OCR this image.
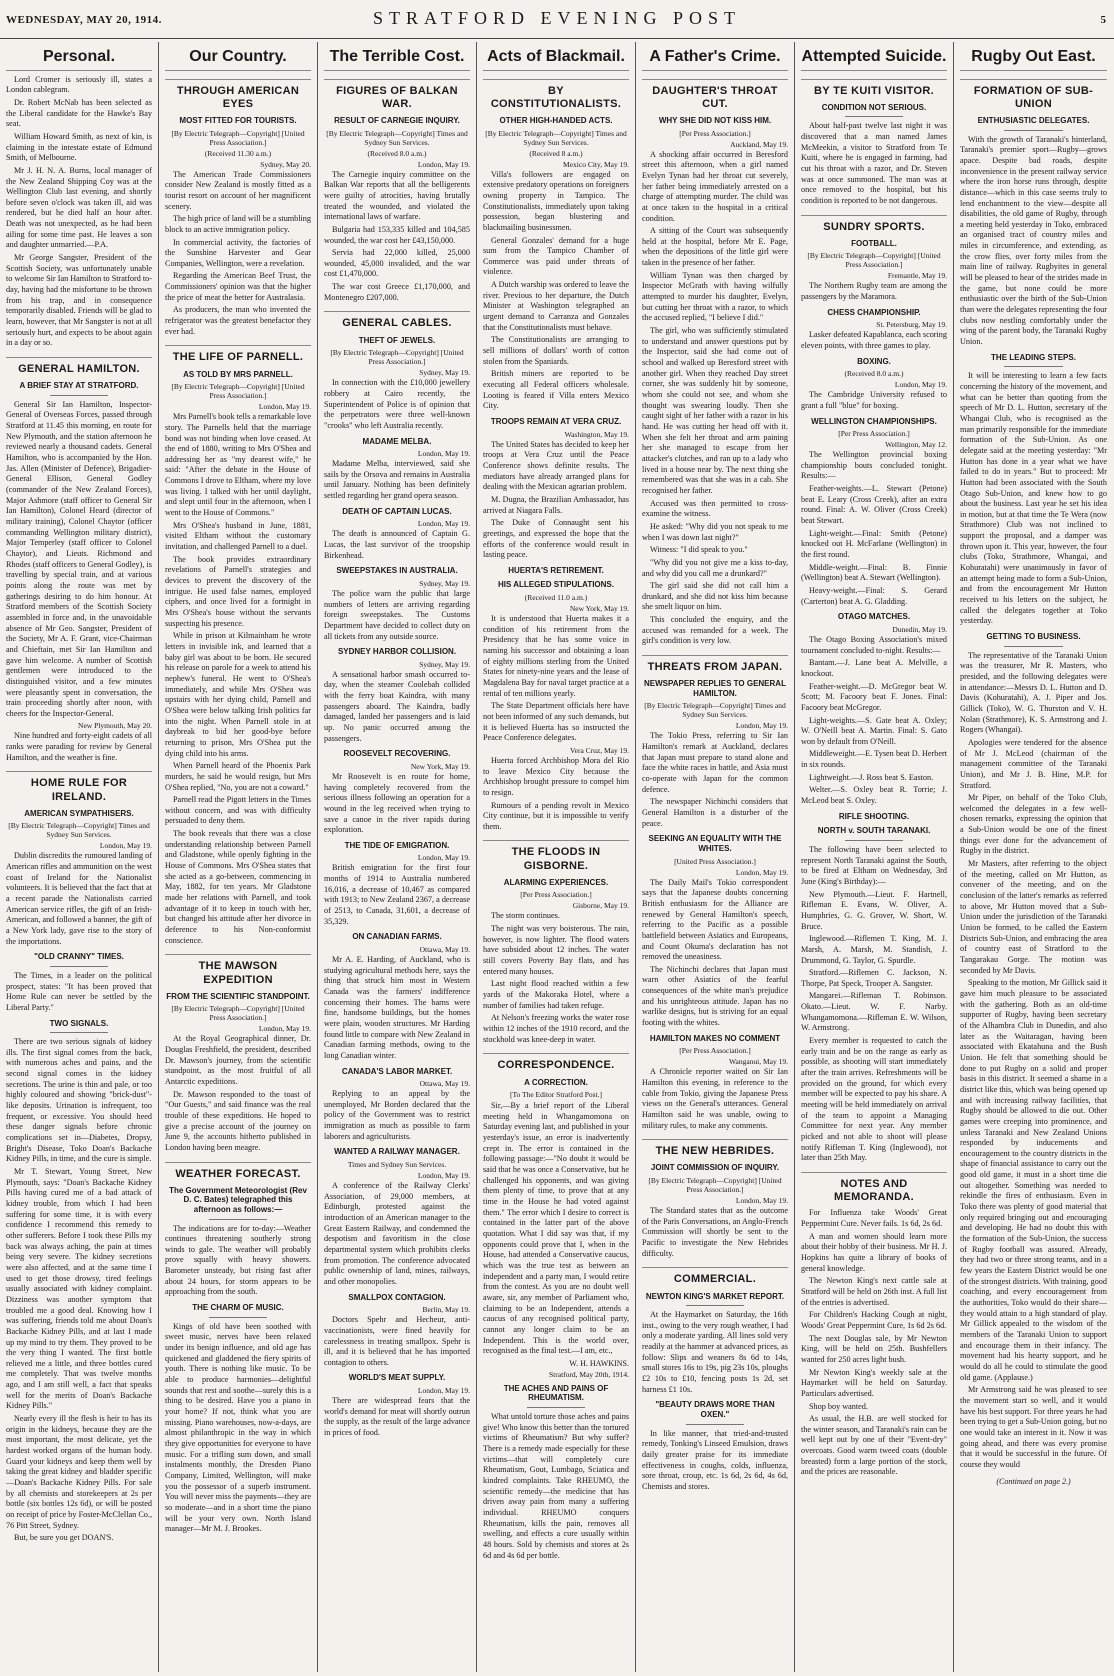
WEDNESDAY, MAY 20, 1914.	STRATFORD EVENING POST	5
Personal.

Lord Cromer is seriously ill, states a London cablegram.

Dr. Robert McNab has been selected as the Liberal candidate for the Hawke's Bay seat.

William Howard Smith, as next of kin, is claiming in the intestate estate of Edmund Smith, of Melbourne.

Mr J. H. N. A. Burns, local manager of the New Zealand Shipping Coy was at the Wellington Club last evening, and shortly before seven o'clock was taken ill, aid was rendered, but he died half an hour after. Death was not unexpected, as he had been ailing for some time past. He leaves a son and daughter unmarried.—P.A.

Mr George Sangster, President of the Scottish Society, was unfortunately unable to welcome Sir Ian Hamilton to Stratford to-day, having had the misfortune to be thrown from his trap, and in consequence temporarily disabled. Friends will be glad to learn, however, that Mr Sangster is not at all seriously hurt, and expects to be about again in a day or so.

GENERAL HAMILTON.
A BRIEF STAY AT STRATFORD.

General Sir Ian Hamilton, Inspector-General of Overseas Forces, passed through Stratford at 11.45 this morning, en route for New Plymouth, and the station afternoon he reviewed nearly a thousand cadets. General Hamilton, who is accompanied by the Hon. Jas. Allen (Minister of Defence), Brigadier-General Ellison, General Godley (commander of the New Zealand Forces), Major Ashmore (staff officer to General Sir Ian Hamilton), Colonel Heard (director of military training), Colonel Chaytor (officer commanding Wellington military district), Major Temperley (staff officer to Colonel Chaytor), and Lieuts. Richmond and Rhodes (staff officers to General Godley), is travelling by special train, and at various points along the route was met by gatherings desiring to do him honour. At Stratford members of the Scottish Society assembled in force and, in the unavoidable absence of Mr Geo. Sangster, President of the Society, Mr A. F. Grant, vice-Chairman and Chieftain, met Sir Ian Hamilton and gave him welcome. A number of Scottish gentlemen were introduced to the distinguished visitor, and a few minutes were pleasantly spent in conversation, the train proceeding shortly after noon, with cheers for the Inspector-General.

New Plymouth, May 20.

Nine hundred and forty-eight cadets of all ranks were parading for review by General Hamilton, and the weather is fine.

HOME RULE FOR IRELAND.
AMERICAN SYMPATHISERS.
[By Electric Telegraph—Copyright] Times and Sydney Sun Services.
London, May 19.

Dublin discredits the rumoured landing of American rifles and ammunition on the west coast of Ireland for the Nationalist volunteers. It is believed that the fact that at a recent parade the Nationalists carried American service rifles, the gift of an Irish-American, and followed a banner, the gift of a New York lady, gave rise to the story of the importations.

"OLD CRANNY" TIMES.

The Times, in a leader on the political prospect, states: "It has been proved that Home Rule can never be settled by the Liberal Party."

TWO SIGNALS.

There are two serious signals of kidney ills. The first signal comes from the back, with numerous aches and pains, and the second signal comes in the kidney secretions. The urine is thin and pale, or too highly coloured and showing "brick-dust"-like deposits. Urination is infrequent, too frequent, or excessive. You should heed these danger signals before chronic complications set in—Diabetes, Dropsy, Bright's Disease, Toko Doan's Backache Kidney Pills, in time, and the cure is simple.

Mr T. Stewart, Young Street, New Plymouth, says: "Doan's Backache Kidney Pills having cured me of a bad attack of kidney trouble, from which I had been suffering for some time, it is with every confidence I recommend this remedy to other sufferers. Before I took these Pills my back was always aching, the pain at times being very severe. The kidney secretions were also affected, and at the same time I used to get those drowsy, tired feelings usually associated with kidney complaint. Dizziness was another symptom that troubled me a good deal. Knowing how I was suffering, friends told me about Doan's Backache Kidney Pills, and at last I made up my mind to try them. They proved to be the very thing I wanted. The first bottle relieved me a little, and three bottles cured me completely. That was twelve months ago, and I am still well, a fact that speaks well for the merits of Doan's Backache Kidney Pills."

Nearly every ill the flesh is heir to has its origin in the kidneys, because they are the most important, the most delicate, yet the hardest worked organs of the human body. Guard your kidneys and keep them well by taking the great kidney and bladder specific—Doan's Backache Kidney Pills. For sale by all chemists and storekeepers at 2s per bottle (six bottles 12s 6d), or will be posted on receipt of price by Foster-McClellan Co., 76 Pitt Street, Sydney.

But, be sure you get DOAN'S.

Our Country.
THROUGH AMERICAN EYES
MOST FITTED FOR TOURISTS.
[By Electric Telegraph—Copyright] [United Press Association.]
(Received 11.30 a.m.)
Sydney, May 20.

The American Trade Commissioners consider New Zealand is mostly fitted as a tourist resort on account of her magnificent scenery.

The high price of land will be a stumbling block to an active immigration policy.

In commercial activity, the factories of the Sunshine Harvester and Gear Companies, Wellington, were a revelation.

Regarding the American Beef Trust, the Commissioners' opinion was that the higher the price of meat the better for Australasia.

As producers, the man who invented the refrigerator was the greatest benefactor they ever had.

THE LIFE OF PARNELL.
AS TOLD BY MRS PARNELL.
[By Electric Telegraph—Copyright] [United Press Association.]
London, May 19.

Mrs Parnell's book tells a remarkable love story. The Parnells held that the marriage bond was not binding when love ceased. At the end of 1880, writing to Mrs O'Shea and addressing her as "my dearest wife," he said: "After the debate in the House of Commons I drove to Eltham, where my love was living. I talked with her until daylight, and slept until four in the afternoon, when I went to the House of Commons."

Mrs O'Shea's husband in June, 1881, visited Eltham without the customary invitation, and challenged Parnell to a duel.

The book provides extraordinary revelations of Parnell's strategies and devices to prevent the discovery of the intrigue. He used false names, employed ciphers, and once lived for a fortnight in Mrs O'Shea's house without the servants suspecting his presence.

While in prison at Kilmainham he wrote letters in invisible ink, and learned that a baby girl was about to be born. He secured his release on parole for a week to attend his nephew's funeral. He went to O'Shea's immediately, and while Mrs O'Shea was upstairs with her dying child, Parnell and O'Shea were below talking Irish politics far into the night. When Parnell stole in at daybreak to bid her good-bye before returning to prison, Mrs O'Shea put the dying child into his arms.

When Parnell heard of the Phoenix Park murders, he said he would resign, but Mrs O'Shea replied, "No, you are not a coward."

Parnell read the Pigott letters in the Times without concern, and was with difficulty persuaded to deny them.

The book reveals that there was a close understanding relationship between Parnell and Gladstone, while openly fighting in the House of Commons. Mrs O'Shea states that she acted as a go-between, commencing in May, 1882, for ten years. Mr Gladstone made her relations with Parnell, and took advantage of it to keep in touch with her, but changed his attitude after her divorce in deference to his Non-conformist conscience.

THE MAWSON EXPEDITION
FROM THE SCIENTIFIC STANDPOINT.
[By Electric Telegraph—Copyright] [United Press Association.]
London, May 19.

At the Royal Geographical dinner, Dr. Douglas Freshfield, the president, described Dr. Mawson's journey, from the scientific standpoint, as the most fruitful of all Antarctic expeditions.

Dr. Mawson responded to the toast of "Our Guests," and said finance was the real trouble of these expeditions. He hoped to give a precise account of the journey on June 9, the accounts hitherto published in London having been meagre.

WEATHER FORECAST.
The Government Meteorologist (Rev D. C. Bates) telegraphed this afternoon as follows:—

The indications are for to-day:—Weather continues threatening southerly strong winds to gale. The weather will probably prove squally with heavy showers. Barometer unsteady, but rising fast after about 24 hours, for storm appears to be approaching from the south.

THE CHARM OF MUSIC.

Kings of old have been soothed with sweet music, nerves have been relaxed under its benign influence, and old age has quickened and gladdened the fiery spirits of youth. There is nothing like music. To be able to produce harmonies—delightful sounds that rest and soothe—surely this is a thing to be desired. Have you a piano in your home? If not, think what you are missing. Piano warehouses, now-a-days, are almost philanthropic in the way in which they give opportunities for everyone to have music. For a trifling sum down, and small instalments monthly, the Dresden Piano Company, Limited, Wellington, will make you the possessor of a superb instrument. You will never miss the payments—they are so moderate—and in a short time the piano will be your very own. North Island manager—Mr M. J. Brookes.

The Terrible Cost.
FIGURES OF BALKAN WAR.
RESULT OF CARNEGIE INQUIRY.
[By Electric Telegraph—Copyright] Times and Sydney Sun Services.
(Received 8.0 a.m.)
London, May 19.

The Carnegie inquiry committee on the Balkan War reports that all the belligerents were guilty of atrocities, having brutally treated the wounded, and violated the international laws of warfare.

Bulgaria had 153,335 killed and 104,585 wounded, the war cost her £43,150,000.

Servia had 22,000 killed, 25,000 wounded, 45,000 invalided, and the war cost £1,470,000.

The war cost Greece £1,170,000, and Montenegro £207,000.

GENERAL CABLES.
THEFT OF JEWELS.
[By Electric Telegraph—Copyright] [United Press Association.]
Sydney, May 19.

In connection with the £10,000 jewellery robbery at Cairo recently, the Superintendent of Police is of opinion that the perpetrators were three well-known "crooks" who left Australia recently.

MADAME MELBA.
London, May 19.

Madame Melba, interviewed, said she sails by the Orsova and remains in Australia until January. Nothing has been definitely settled regarding her grand opera season.

DEATH OF CAPTAIN LUCAS.
London, May 19.

The death is announced of Captain G. Lucas, the last survivor of the troopship Birkenhead.

SWEEPSTAKES IN AUSTRALIA.
Sydney, May 19.

The police warn the public that large numbers of letters are arriving regarding foreign sweepstakes. The Customs Department have decided to collect duty on all tickets from any outside source.

SYDNEY HARBOR COLLISION.
Sydney, May 19.

A sensational harbor smash occurred to-day, when the steamer Coolebah collided with the ferry boat Kaindra, with many passengers aboard. The Kaindra, badly damaged, landed her passengers and is laid up. No panic occurred among the passengers.

ROOSEVELT RECOVERING.
New York, May 19.

Mr Roosevelt is en route for home, having completely recovered from the serious illness following an operation for a wound in the leg received when trying to save a canoe in the river rapids during exploration.

THE TIDE OF EMIGRATION.
London, May 19.

British emigration for the first four months of 1914 to Australia numbered 16,016, a decrease of 10,467 as compared with 1913; to New Zealand 2367, a decrease of 2513, to Canada, 31,601, a decrease of 35,329.

ON CANADIAN FARMS.
Ottawa, May 19.

Mr A. E. Harding, of Auckland, who is studying agricultural methods here, says the thing that struck him most in Western Canada was the farmers' indifference concerning their homes. The barns were fine, handsome buildings, but the homes were plain, wooden structures. Mr Harding found little to compare with New Zealand in Canadian farming methods, owing to the long Canadian winter.

CANADA'S LABOR MARKET.
Ottawa, May 19.

Replying to an appeal by the unemployed, Mr Borden declared that the policy of the Government was to restrict immigration as much as possible to farm laborers and agriculturists.

WANTED A RAILWAY MANAGER.
Times and Sydney Sun Services.
London, May 19.

A conference of the Railway Clerks' Association, of 29,000 members, at Edinburgh, protested against the introduction of an American manager to the Great Eastern Railway, and condemned the despotism and favoritism in the close departmental system which prohibits clerks from promotion. The conference advocated public ownership of land, mines, railways, and other monopolies.

SMALLPOX CONTAGION.
Berlin, May 19.

Doctors Spehr and Hecheur, anti-vaccinationists, were fined heavily for carelessness in treating smallpox. Spehr is ill, and it is believed that he has imported contagion to others.

WORLD'S MEAT SUPPLY.
London, May 19.

There are widespread fears that the world's demand for meat will shortly outrun the supply, as the result of the large advance in prices of food.

Acts of Blackmail.
BY CONSTITUTIONALISTS.
OTHER HIGH-HANDED ACTS.
[By Electric Telegraph—Copyright] Times and Sydney Sun Services.
(Received 8 a.m.)
Mexico City, May 19.

Villa's followers are engaged on extensive predatory operations on foreigners owning property in Tampico. The Constitutionalists, immediately upon taking possession, began blustering and blackmailing businessmen.

General Gonzales' demand for a huge sum from the Tampico Chamber of Commerce was paid under threats of violence.

A Dutch warship was ordered to leave the river. Previous to her departure, the Dutch Minister at Washington telegraphed an urgent demand to Carranza and Gonzales that the Constitutionalists must behave.

The Constitutionalists are arranging to sell millions of dollars' worth of cotton stolen from the Spaniards.

British miners are reported to be executing all Federal officers wholesale. Looting is feared if Villa enters Mexico City.

TROOPS REMAIN AT VERA CRUZ.
Washington, May 19.

The United States has decided to keep her troops at Vera Cruz until the Peace Conference shows definite results. The mediators have already arranged plans for dealing with the Mexican agrarian problem.

M. Dugna, the Brazilian Ambassador, has arrived at Niagara Falls.

The Duke of Connaught sent his greetings, and expressed the hope that the efforts of the conference would result in lasting peace.

HUERTA'S RETIREMENT.
HIS ALLEGED STIPULATIONS.
(Received 11.0 a.m.)
New York, May 19.

It is understood that Huerta makes it a condition of his retirement from the Presidency that he has some voice in naming his successor and obtaining a loan of eighty millions sterling from the United States for ninety-nine years and the lease of Magdalena Bay for naval target practice at a rental of ten millions yearly.

The State Department officials here have not been informed of any such demands, but it is believed Huerta has so instructed the Peace Conference delegates.

Vera Cruz, May 19.

Huerta forced Archbishop Mora del Rio to leave Mexico City because the Archbishop brought pressure to compel him to resign.

Rumours of a pending revolt in Mexico City continue, but it is impossible to verify them.

THE FLOODS IN GISBORNE.
ALARMING EXPERIENCES.
[Per Press Association.]
Gisborne, May 19.

The storm continues.

The night was very boisterous. The rain, however, is now lighter. The flood waters have subsided about 12 inches. The water still covers Poverty Bay flats, and has entered many houses.

Last night flood reached within a few yards of the Makoraka Hotel, where a number of families had taken refuge.

At Nelson's freezing works the water rose within 12 inches of the 1910 record, and the stockhold was knee-deep in water.

CORRESPONDENCE.
A CORRECTION.
[To The Editor Stratford Post.]

Sir,—By a brief report of the Liberal meeting held in Whangamomona on Saturday evening last, and published in your yesterday's issue, an error is inadvertently crept in. The error is contained in the following passage:—"No doubt it would be said that he was once a Conservative, but he challenged his opponents, and was giving them plenty of time, to prove that at any time in the House he had voted against them." The error which I desire to correct is contained in the latter part of the above quotation. What I did say was that, if my opponents could prove that I, when in the House, had attended a Conservative caucus, which was the true test as between an independent and a party man, I would retire from the contest. As you are no doubt well aware, sir, any member of Parliament who, claiming to be an Independent, attends a caucus of any recognised political party, cannot any longer claim to be an Independent. This is the world over, recognised as the final test.—I am, etc.,

W. H. HAWKINS.
Stratford, May 20th, 1914.
THE ACHES AND PAINS OF RHEUMATISM.

What untold torture those aches and pains give! Who know this better than the tortured victims of Rheumatism? But why suffer? There is a remedy made especially for these victims—that will completely cure Rheumatism, Gout, Lumbago, Sciatica and kindred complaints. Take RHEUMO, the scientific remedy—the medicine that has driven away pain from many a suffering individual. RHEUMO conquers Rheumatism, kills the pain, removes all swelling, and effects a cure usually within 48 hours. Sold by chemists and stores at 2s 6d and 4s 6d per bottle.

A Father's Crime.
DAUGHTER'S THROAT CUT.
WHY SHE DID NOT KISS HIM.
[Per Press Association.]
Auckland, May 19.

A shocking affair occurred in Beresford street this afternoon, when a girl named Evelyn Tynan had her throat cut severely, her father being immediately arrested on a charge of attempting murder. The child was at once taken to the hospital in a critical condition.

A sitting of the Court was subsequently held at the hospital, before Mr E. Page, when the depositions of the little girl were taken in the presence of her father.

William Tynan was then charged by Inspector McGrath with having wilfully attempted to murder his daughter, Evelyn, but cutting her throat with a razor, to which the accused replied, "I believe I did."

The girl, who was sufficiently stimulated to understand and answer questions put by the Inspector, said she had come out of school and walked up Beresford street with another girl. When they reached Day street corner, she was suddenly hit by someone, whom she could not see, and whom she thought was swearing loudly. Then she caught sight of her father with a razor in his hand. He was cutting her head off with it. When she felt her throat and arm paining her she managed to escape from her attacker's clutches, and ran up to a lady who lived in a house near by. The next thing she remembered was that she was in a cab. She recognised her father.

Accused was then permitted to cross-examine the witness.

He asked: "Why did you not speak to me when I was down last night?"

Witness: "I did speak to you."

"Why did you not give me a kiss to-day, and why did you call me a drunkard?"

The girl said she did not call him a drunkard, and she did not kiss him because she smelt liquor on him.

This concluded the enquiry, and the accused was remanded for a week. The girl's condition is very low.

THREATS FROM JAPAN.
NEWSPAPER REPLIES TO GENERAL HAMILTON.
[By Electric Telegraph—Copyright] Times and Sydney Sun Services.
London, May 19.

The Tokio Press, referring to Sir Ian Hamilton's remark at Auckland, declares that Japan must prepare to stand alone and face the white races in battle, and Asia must co-operate with Japan for the common defence.

The newspaper Nichinchi considers that General Hamilton is a disturber of the peace.

SEEKING AN EQUALITY WITH THE WHITES.
[United Press Association.]
London, May 19.

The Daily Mail's Tokio correspondent says that the Japanese doubts concerning British enthusiasm for the Alliance are renewed by General Hamilton's speech, referring to the Pacific as a possible battlefield between Asiatics and Europeans, and Count Okuma's declaration has not removed the uneasiness.

The Nichinchi declares that Japan must warn other Asiatics of the fearful consequences of the white man's prejudice and his unrighteous attitude. Japan has no warlike designs, but is striving for an equal footing with the whites.

HAMILTON MAKES NO COMMENT
[Per Press Association.]
Wanganui, May 19.

A Chronicle reporter waited on Sir Ian Hamilton this evening, in reference to the cable from Tokio, giving the Japanese Press views on the General's utterances. General Hamilton said he was unable, owing to military rules, to make any comments.

THE NEW HEBRIDES.
JOINT COMMISSION OF INQUIRY.
[By Electric Telegraph—Copyright] [United Press Association.]
London, May 19.

The Standard states that as the outcome of the Paris Conversations, an Anglo-French Commission will shortly be sent to the Pacific to investigate the New Hebrides difficulty.

COMMERCIAL.
NEWTON KING'S MARKET REPORT.

At the Haymarket on Saturday, the 16th inst., owing to the very rough weather, I had only a moderate yarding. All lines sold very readily at the hammer at advanced prices, as follow: Slips and weaners 8s 6d to 14s, small stores 16s to 19s, pig 23s 10s, ploughs £2 10s to £10, fencing posts 1s 2d, set harness £1 10s.

"BEAUTY DRAWS MORE THAN OXEN."

In like manner, that tried-and-trusted remedy, Tonking's Linseed Emulsion, draws daily greater praise for its immediate effectiveness in coughs, colds, influenza, sore throat, croup, etc. 1s 6d, 2s 6d, 4s 6d, Chemists and stores.

Attempted Suicide.
BY TE KUITI VISITOR.
CONDITION NOT SERIOUS.

About half-past twelve last night it was discovered that a man named James McMeekin, a visitor to Stratford from Te Kuiti, where he is engaged in farming, had cut his throat with a razor, and Dr. Steven was at once summoned. The man was at once removed to the hospital, but his condition is reported to be not dangerous.

SUNDRY SPORTS.
FOOTBALL.
[By Electric Telegraph—Copyright] [United Press Association.]
Fremantle, May 19.

The Northern Rugby team are among the passengers by the Maramora.

CHESS CHAMPIONSHIP.
St. Petersburg, May 19.

Lasker defeated Kapablanca, each scoring eleven points, with three games to play.

BOXING.
(Received 8.0 a.m.)
London, May 19.

The Cambridge University refused to grant a full "blue" for boxing.

WELLINGTON CHAMPIONSHIPS.
[Per Press Association.]
Wellington, May 12.

The Wellington provincial boxing championship bouts concluded tonight. Results:—

Feather-weights.—L. Stewart (Petone) beat E. Leary (Cross Creek), after an extra round. Final: A. W. Oliver (Cross Creek) beat Stewart.

Light-weight.—Final: Smith (Petone) knocked out H. McFarlane (Wellington) in the first round.

Middle-weight.—Final: B. Finnie (Wellington) beat A. Stewart (Wellington).

Heavy-weight.—Final: S. Gerard (Carterton) beat A. G. Gladding.

OTAGO MATCHES.
Dunedin, May 19.

The Otago Boxing Association's mixed tournament concluded to-night. Results:—

Bantam.—J. Lane beat A. Melville, a knockout.

Feather-weight.—D. McGregor beat W. Scott; M. Facoory beat F. Jones. Final: Facoory beat McGregor.

Light-weights.—S. Gate beat A. Oxley; W. O'Neill beat A. Martin. Final: S. Gato won by default from O'Neill.

Middleweight.—E. Tysen beat D. Herbert in six rounds.

Lightweight.—J. Ross beat S. Easton.

Welter.—S. Oxley beat R. Torrie; J. McLeod beat S. Oxley.

RIFLE SHOOTING.
NORTH v. SOUTH TARANAKI.

The following have been selected to represent North Taranaki against the South, to be fired at Eltham on Wednesday, 3rd June (King's Birthday):—

New Plymouth.—Lieut. F. Hartnell, Rifleman E. Evans, W. Oliver, A. Humphries, G. G. Grover, W. Short, W. Bruce.

Inglewood.—Riflemen T. King, M. J. Marsh, A. Marsh, M. Standish, J. Drummond, G. Taylor, G. Spurdle.

Stratford.—Riflemen C. Jackson, N. Thorpe, Pat Speck, Trooper A. Sangster.

Mangarei.—Rifleman T. Robinson. Okato.—Lieut. W. F. Narby. Whangamomona.—Rifleman E. W. Wilson, W. Armstrong.

Every member is requested to catch the early train and be on the range as early as possible, as shooting will start immediately after the train arrives. Refreshments will be provided on the ground, for which every member will be expected to pay his share. A meeting will be held immediately on arrival of the team to appoint a Managing Committee for next year. Any member picked and not able to shoot will please notify Rifleman T. King (Inglewood), not later than 25th May.

NOTES AND MEMORANDA.

For Influenza take Woods' Great Peppermint Cure. Never fails. 1s 6d, 2s 6d.

A man and women should learn more about their hobby of their business. Mr H. J. Hopkins has quite a library of books of general knowledge.

The Newton King's next cattle sale at Stratford will be held on 26th inst. A full list of the entries is advertised.

For Children's Hacking Cough at night, Woods' Great Peppermint Cure, 1s 6d 2s 6d.

The next Douglas sale, by Mr Newton King, will be held on 25th. Bushfellers wanted for 250 acres light bush.

Mr Newton King's weekly sale at the Haymarket will be held on Saturday. Particulars advertised.

Shop boy wanted.

As usual, the H.B. are well stocked for the winter season, and Taranaki's rain can be well kept out by one of their "Event-dry" overcoats. Good warm tweed coats (double breasted) form a large portion of the stock, and the prices are reasonable.

Rugby Out East.
FORMATION OF SUB-UNION
ENTHUSIASTIC DELEGATES.

With the growth of Taranaki's hinterland, Taranaki's premier sport—Rugby—grows apace. Despite bad roads, despite inconvenience in the present railway service where the iron horse runs through, despite distance—which in this case seems truly to lend enchantment to the view—despite all disabilities, the old game of Rugby, through a meeting held yesterday in Toko, embraced an organised tract of country miles and miles in circumference, and extending, as the crow flies, over forty miles from the main line of railway. Rugbyites in general will be pleased to hear of the strides made in the game, but none could be more enthusiastic over the birth of the Sub-Union than were the delegates representing the four clubs now nestling comfortably under the wing of the parent body, the Taranaki Rugby Union.

THE LEADING STEPS.

It will be interesting to learn a few facts concerning the history of the movement, and what can be better than quoting from the speech of Mr D. L. Hutton, secretary of the Whangai Club, who is recognised as the man primarily responsible for the immediate formation of the Sub-Union. As one delegate said at the meeting yesterday: "Mr Hutton has done in a year what we have failed to do in years." But to proceed: Mr Hutton had been associated with the South Otago Sub-Union, and knew how to go about the business. Last year he set his idea in motion, but at that time the Te Wera (now Strathmore) Club was not inclined to support the proposal, and a damper was thrown upon it. This year, however, the four clubs (Toko, Strathmore, Whangai, and Kohuratahi) were unanimously in favor of an attempt being made to form a Sub-Union, and from the encouragement Mr Hutton received to his letters on the subject, he called the delegates together at Toko yesterday.

GETTING TO BUSINESS.

The representative of the Taranaki Union was the treasurer, Mr R. Masters, who presided, and the following delegates were in attendance:—Messrs D. L. Hutton and D. Davis (Kohuratahi), A. J. Piper and Jos. Gillick (Toko), W. G. Thurston and V. H. Nolan (Strathmore), K. S. Armstrong and J. Rogers (Whangai).

Apologies were tendered for the absence of Mr J. McLeod (chairman of the management committee of the Taranaki Union), and Mr J. B. Hine, M.P. for Stratford.

Mr Piper, on behalf of the Toko Club, welcomed the delegates in a few well-chosen remarks, expressing the opinion that a Sub-Union would be one of the finest things ever done for the advancement of Rugby in the district.

Mr Masters, after referring to the object of the meeting, called on Mr Hutton, as convener of the meeting, and on the conclusion of the latter's remarks as referred to above, Mr Hutton moved that a Sub-Union under the jurisdiction of the Taranaki Union be formed, to be called the Eastern Districts Sub-Union, and embracing the area of country east of Stratford to the Tangarakau Gorge. The motion was seconded by Mr Davis.

Speaking to the motion, Mr Gillick said it gave him much pleasure to be associated with the gathering. Both as an old-time supporter of Rugby, having been secretary of the Alhambra Club in Dunedin, and also later as the Waitaragan, having been associated with Ekatahuna and the Bush Union. He felt that something should be done to put Rugby on a solid and proper basis in this district. It seemed a shame in a district like this, which was being opened up and with increasing railway facilities, that Rugby should be allowed to die out. Other games were creeping into prominence, and unless Taranaki and New Zealand Unions responded by inducements and encouragement to the country districts in the shape of financial assistance to carry out the good old game, it must in a short time die out altogether. Something was needed to rekindle the fires of enthusiasm. Even in Toko there was plenty of good material that only required bringing out and encouraging and developing. He had no doubt this with the formation of the Sub-Union, the success of Rugby football was assured. Already, they had two or three strong teams, and in a few years the Eastern District would be one of the strongest districts. With training, good coaching, and every encouragement from the authorities, Toko would do their share—they would attain to a high standard of play. Mr Gillick appealed to the wisdom of the members of the Taranaki Union to support and encourage them in their infancy. The movement had his hearty support, and he would do all he could to stimulate the good old game. (Applause.)

Mr Armstrong said he was pleased to see the movement start so well, and it would have his best support. For three years he had been trying to get a Sub-Union going, but no one would take an interest in it. Now it was going ahead, and there was every promise that it would be successful in the future. Of course they would

(Continued on page 2.)
